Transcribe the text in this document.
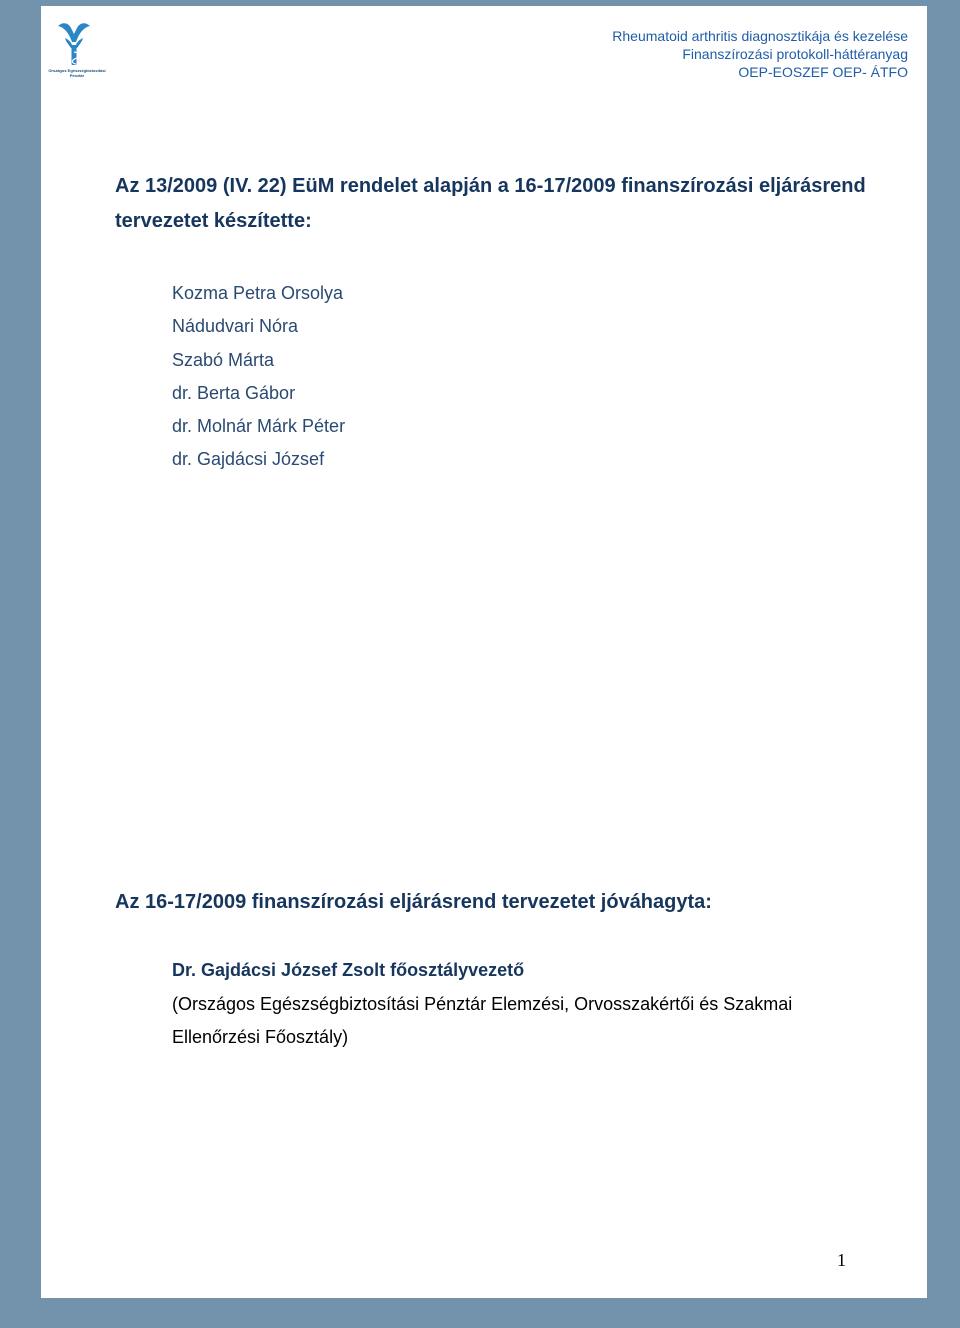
Országos Egészségbiztosítási Pénztár
Rheumatoid arthritis diagnosztikája és kezelése
Finanszírozási protokoll-háttéranyag
OEP-EOSZEF OEP- ÁTFO
Az 13/2009 (IV. 22) EüM rendelet alapján a 16-17/2009 finanszírozási eljárásrend tervezetet készítette:
Kozma Petra Orsolya
Nádudvari Nóra
Szabó Márta
dr. Berta Gábor
dr. Molnár Márk Péter
dr. Gajdácsi József
Az 16-17/2009 finanszírozási eljárásrend tervezetet jóváhagyta:
Dr. Gajdácsi József Zsolt főosztályvezető
(Országos Egészségbiztosítási Pénztár Elemzési, Orvosszakértői és Szakmai Ellenőrzési Főosztály)
1
